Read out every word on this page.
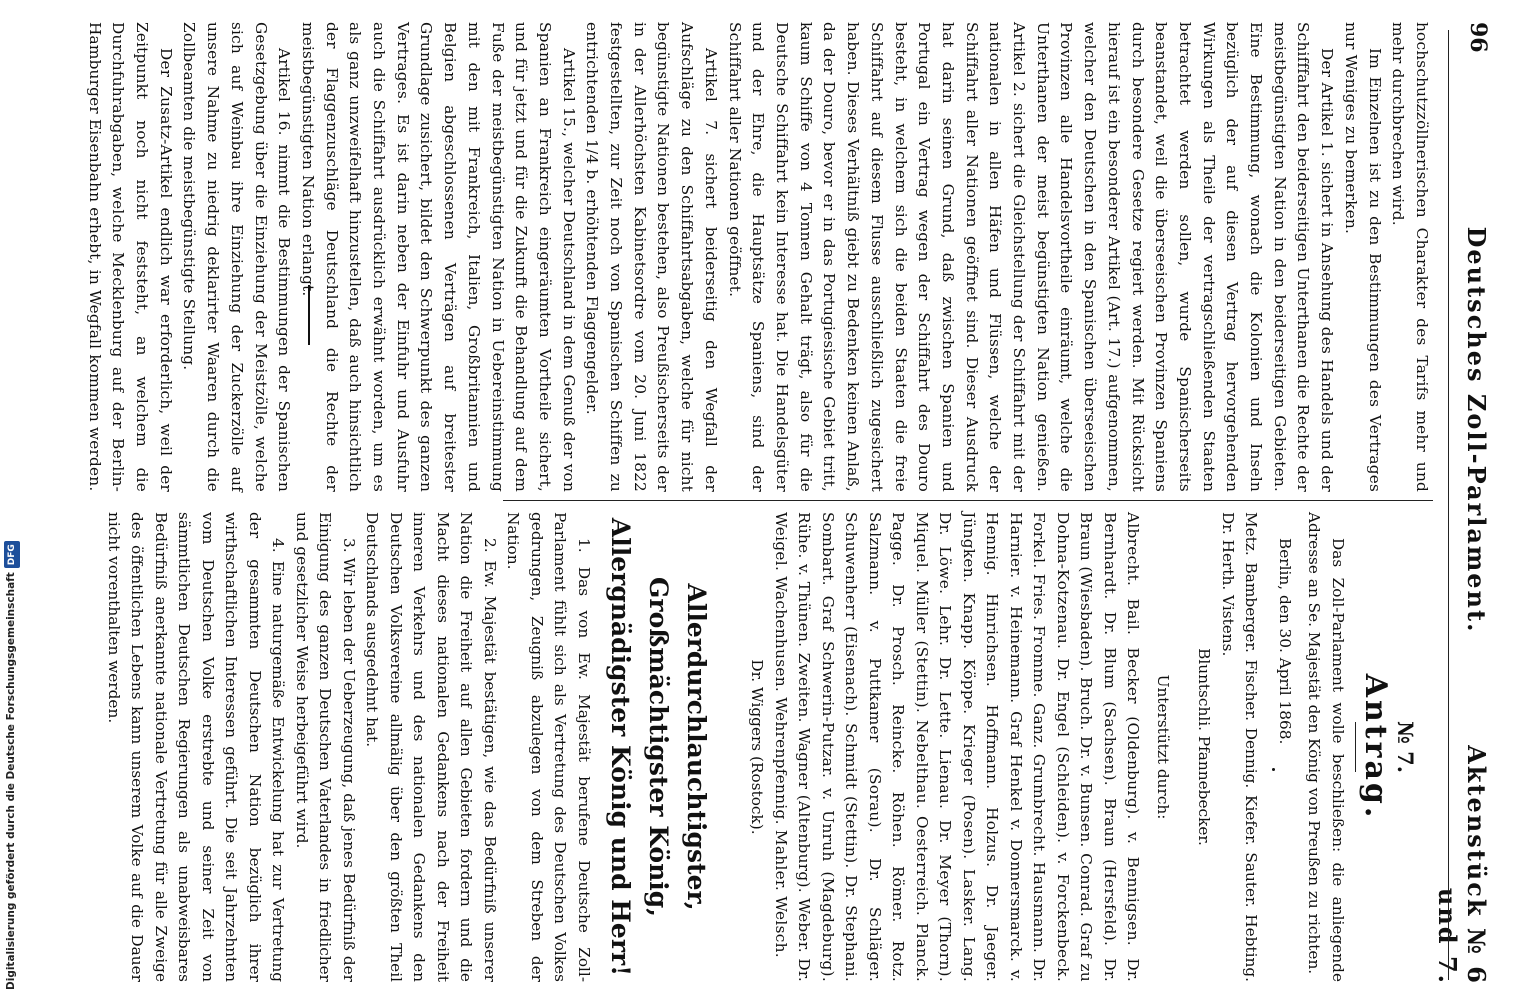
96
Deutsches Zoll-Parlament.
Aktenstück № 6 und 7.

hochschutzzöllnerischen Charakter des Tarifs mehr und mehr durchbrechen wird.

Im Einzelnen ist zu den Bestimmungen des Vertrages nur Weniges zu bemerken.

Der Artikel 1. sichert in Ansehung des Handels und der Schifffahrt den beiderseitigen Unterthanen die Rechte der meistbegünstigten Nation in den beiderseitigen Gebieten. Eine Bestimmung, wonach die Kolonien und Inseln bezüglich der auf diesen Vertrag hervorgehenden Wirkungen als Theile der vertragschließenden Staaten betrachtet werden sollen, wurde Spanischerseits beanstandet, weil die überseeischen Provinzen Spaniens durch besondere Gesetze regiert werden. Mit Rücksicht hierauf ist ein besonderer Artikel (Art. 17.) aufgenommen, welcher den Deutschen in den Spanischen überseeischen Provinzen alle Handelsvortheile einräumt, welche die Unterthanen der meist begünstigten Nation genießen. Artikel 2. sichert die Gleichstellung der Schiffahrt mit der nationalen in allen Häfen und Flüssen, welche der Schiffahrt aller Nationen geöffnet sind. Dieser Ausdruck hat darin seinen Grund, daß zwischen Spanien und Portugal ein Vertrag wegen der Schiffahrt des Douro besteht, in welchem sich die beiden Staaten die freie Schiffahrt auf diesem Flusse ausschließlich zugesichert haben. Dieses Verhältniß giebt zu Bedenken keinen Anlaß, da der Douro, bevor er in das Portugiesische Gebiet tritt, kaum Schiffe von 4 Tonnen Gehalt trägt, also für die Deutsche Schiffahrt kein Interesse hat. Die Handelsgüter und der Ehre, die Hauptsätze Spaniens, sind der Schiffahrt aller Nationen geöffnet.

Artikel 7. sichert beiderseitig den Wegfall der Aufschläge zu den Schiffahrtsabgaben, welche für nicht begünstigte Nationen bestehen, also Preußischerseits der in der Allerhöchsten Kabinetsordre vom 20. Juni 1822 festgestellten, zur Zeit noch von Spanischen Schiffen zu entrichtenden 1/4 b. erhöhtenden Flaggengelder.

Artikel 15., welcher Deutschland in dem Genuß der von Spanien an Frankreich eingeräumten Vortheile sichert, und für jetzt und für die Zukunft die Behandlung auf dem Fuße der meistbegünstigten Nation in Uebereinstimmung mit den mit Frankreich, Italien, Großbritannien und Belgien abgeschlossenen Verträgen auf breitester Grundlage zusichert, bildet den Schwerpunkt des ganzen Vertrages. Es ist darin neben der Einfuhr und Ausfuhr auch die Schiffahrt ausdrücklich erwähnt worden, um es als ganz unzweifelhaft hinzustellen, daß auch hinsichtlich der Flaggenzuschläge Deutschland die Rechte der meistbegünstigten Nation erlangt.

Artikel 16. nimmt die Bestimmungen der Spanischen Gesetzgebung über die Einziehung der Meistzölle, welche sich auf Weinbau ihre Einziehung der Zuckerzölle auf unsere Nahme zu niedrig deklarirter Waaren durch die Zollbeamten die meistbegünstigte Stellung.

Der Zusatz-Artikel endlich war erforderlich, weil der Zeitpunkt noch nicht feststeht, an welchem die Durchfuhrabgaben, welche Mecklenburg auf der Berlin-Hamburger Eisenbahn erhebt, in Wegfall kommen werden.

№ 7.
Antrag.

Das Zoll-Parlament wolle beschließen: die anliegende Adresse an Se. Majestät den König von Preußen zu richten.

Berlin, den 30. April 1868.

Metz. Bamberger. Fischer. Dennig. Kiefer. Sauter. Hebting. Dr. Herth. Vistens.

Bluntschli. Pfannebecker.

Unterstützt durch:
Albrecht. Bail. Becker (Oldenburg). v. Bennigsen. Dr. Bernhardt. Dr. Blum (Sachsen). Braun (Hersfeld). Dr. Braun (Wiesbaden). Bruch. Dr. v. Bunsen. Conrad. Graf zu Dohna-Kotzenau. Dr. Engel (Schleiden). v. Forckenbeck. Forkel. Fries. Fromme. Ganz. Grumbrecht. Hausmann. Dr. Harnier. v. Heinemann. Graf Henkel v. Donnersmarck. v. Hennig. Hinrichsen. Hoffmann. Holzus. Dr. Jaeger. Jüngken. Knapp. Köppe. Krieger (Posen). Lasker. Lang. Dr. Löwe. Lehr. Dr. Lette. Lienau. Dr. Meyer (Thorn). Miquel. Müller (Stettin). Nebelthau. Oesterreich. Planck. Pagge. Dr. Prosch. Reincke. Röhen. Römer. Rotz. Salzmann. v. Puttkamer (Sorau). Dr. Schläger. Schuwenherr (Eisenach). Schmidt (Stettin). Dr. Stephani. Sombart. Graf Schwerin-Putzar. v. Unruh (Magdeburg). Rühe. v. Thünen. Zweiten. Wagner (Altenburg). Weber. Dr. Weigel. Wachenhusen. Wehrenpfennig. Mahler. Welsch.
Dr. Wiggers (Rostock).
Allerdurchlauchtigster, Großmächtigster König, Allergnädigster König und Herr!

1. Das von Ew. Majestät berufene Deutsche Zoll-Parlament fühlt sich als Vertretung des Deutschen Volkes gedrungen, Zeugniß abzulegen von dem Streben der Nation.

2. Ew. Majestät bestätigen, wie das Bedürfniß unserer Nation die Freiheit auf allen Gebieten fordern und die Macht dieses nationalen Gedankens nach der Freiheit inneren Verkehrs und des nationalen Gedankens den Deutschen Volksvereine allmälig über den größten Theil Deutschlands ausgedehnt hat.

3. Wir leben der Ueberzeugung, daß jenes Bedürfniß der Einigung des ganzen Deutschen Vaterlandes in friedlicher und gesetzlicher Weise herbeigeführt wird.

4. Eine naturgemäße Entwickelung hat zur Vertretung der gesammten Deutschen Nation bezüglich ihrer wirthschaftlichen Interessen geführt. Die seit Jahrzehnten vom Deutschen Volke erstrebte und seiner Zeit von sämmtlichen Deutschen Regierungen als unabweisbares Bedürfniß anerkannte nationale Vertretung für alle Zweige des öffentlichen Lebens kann unserem Volke auf die Dauer nicht vorenthalten werden.

Digitalisierung gefördert durch die Deutsche ForschungsgemeinschaftDFG
